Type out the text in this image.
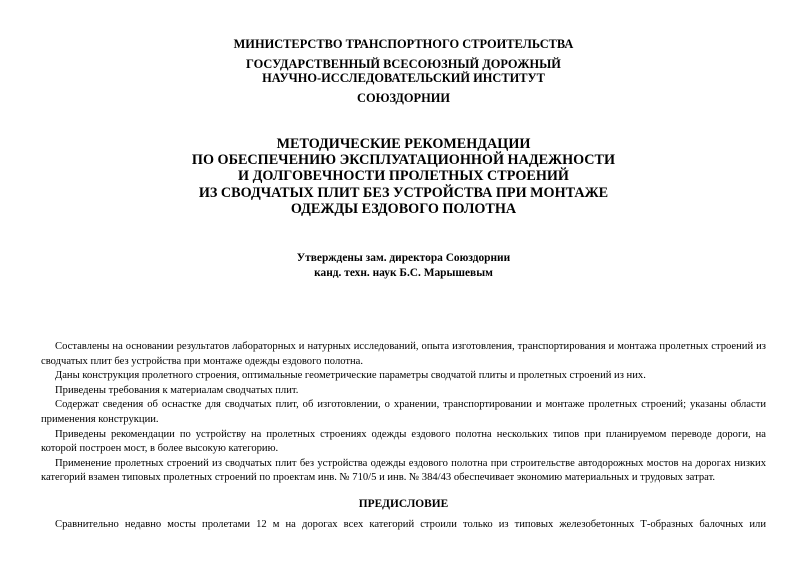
МИНИСТЕРСТВО ТРАНСПОРТНОГО СТРОИТЕЛЬСТВА
ГОСУДАРСТВЕННЫЙ ВСЕСОЮЗНЫЙ ДОРОЖНЫЙ
НАУЧНО-ИССЛЕДОВАТЕЛЬСКИЙ ИНСТИТУТ
СОЮЗДОРНИИ
МЕТОДИЧЕСКИЕ РЕКОМЕНДАЦИИ
ПО ОБЕСПЕЧЕНИЮ ЭКСПЛУАТАЦИОННОЙ НАДЕЖНОСТИ
И ДОЛГОВЕЧНОСТИ ПРОЛЕТНЫХ СТРОЕНИЙ
ИЗ СВОДЧАТЫХ ПЛИТ БЕЗ УСТРОЙСТВА ПРИ МОНТАЖЕ
ОДЕЖДЫ ЕЗДОВОГО ПОЛОТНА
Утверждены зам. директора Союздорнии
канд. техн. наук Б.С. Марышевым

Составлены на основании результатов лабораторных и натурных исследований, опыта изготовления, транспортирования и монтажа пролетных строений из сводчатых плит без устройства при монтаже одежды ездового полотна.

Даны конструкция пролетного строения, оптимальные геометрические параметры сводчатой плиты и пролетных строений из них.

Приведены требования к материалам сводчатых плит.

Содержат сведения об оснастке для сводчатых плит, об изготовлении, о хранении, транспортировании и монтаже пролетных строений; указаны области применения конструкции.

Приведены рекомендации по устройству на пролетных строениях одежды ездового полотна нескольких типов при планируемом переводе дороги, на которой построен мост, в более высокую категорию.

Применение пролетных строений из сводчатых плит без устройства одежды ездового полотна при строительстве автодорожных мостов на дорогах низких категорий взамен типовых пролетных строений по проектам инв. № 710/5 и инв. № 384/43 обеспечивает экономию материальных и трудовых затрат.

ПРЕДИСЛОВИЕ

Сравнительно недавно мосты пролетами 12 м на дорогах всех категорий строили только из типовых железобетонных Т-образных балочных или
